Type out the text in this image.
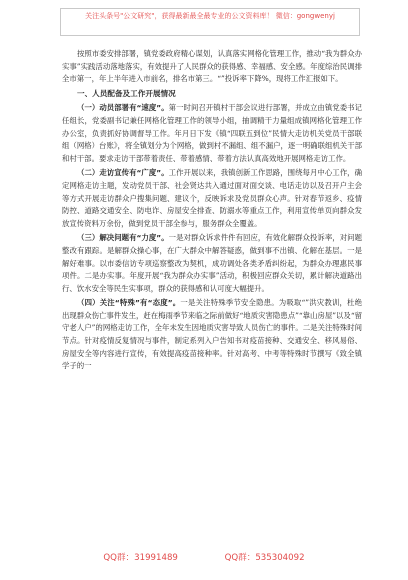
关注头条号"公文研究"，获得最新最全最专业的公文资料库！ 微信：gongwenyj

按照市委安排部署，镇党委政府精心谋划，认真落实网格化管理工作，推动“我为群众办实事”实践活动落地落实，有效提升了人民群众的获得感、幸福感、安全感。年度综治民调排全市第一，年上半年进入市前名，排名市第三。“”投诉率下降%，现将工作汇报如下。

一、人员配备及工作开展情况

（一）动员部署有“速度”。第一时间召开镇村干部会议进行部署，并成立由镇党委书记任组长，党委副书记兼任网格化管理工作的领导小组，抽调精干力量组成镇网格化管理工作办公室，负责抓好协调督导工作。年月日下发《镇“四联五到位”民情大走访机关党员干部联组（网格）台账》，将全镇划分为个网格，做到村不漏组、组不漏户，逐一明确联组机关干部和村干部。要求走访干部带着责任、带着感情、带着方法认真高效地开展网格走访工作。

（二）走访宣传有“广度”。工作开展以来，我镇创新工作思路，围绕每月中心工作，确定网格走访主题，发动党员干部、社会贤达共入通过面对面交谈、电话走访以及召开户主会等方式开展走访群众户搜集问题、建议个，反映诉求及党员群众心声。针对春节返乡、疫情防控、道路交通安全、防电诈、房屋安全排查、防溺水等重点工作，利用宣传单页向群众发放宣传资料万余份，做到党员干部全参与，服务群众全覆盖。

（三）解决问题有“力度”。一是对群众诉求件件有回应，有效化解群众投诉率，对问题整改有跟踪。是解群众操心事，在广大群众中解答疑惑，做到事不出镇、化解在基层。一是解好难事。以市委信访专项巡察整改为契机，成功调处各类矛盾纠纷起，为群众办理惠民事项件。二是办实事。年度开展“我为群众办实事”活动，积极回应群众关切，累计解决道路出行、饮水安全等民生实事项，群众的获得感和认可度大幅提升。

（四）关注“特殊”有“态度”。一是关注特殊季节安全隐患。为吸取“”洪灾教训，杜绝出现群众伤亡事件发生，赶在梅雨季节来临之际前做好“地质灾害隐患点”“靠山房屋”以及“留守老人户”的网格走访工作，全年未发生因地质灾害导致人员伤亡的事件。二是关注特殊时间节点。针对疫情反复情况与事件，制定系列入户告知书对疫苗接种、交通安全、移风易俗、房屋安全等内容进行宣传，有效提高疫苗接种率。针对高考、中考等特殊时节撰写《致全镇学子的一

QQ群：31991489	QQ群：535304092
